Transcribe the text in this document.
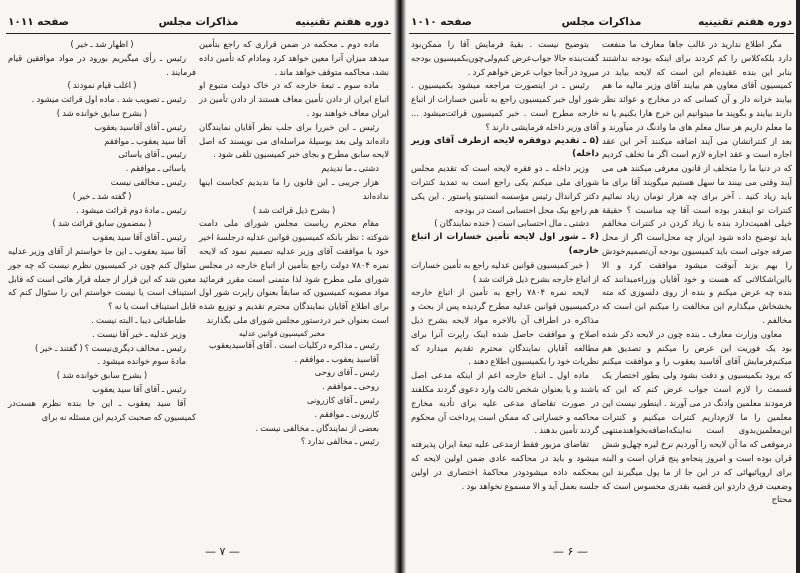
دوره هفتم تقنینیه
مذاکرات مجلس
صفحه ۱۰۱۱

ماده دوم ـ محکمه در ضمن قراری که راجع بتأمین میدهد میزان آنرا معین خواهد کرد ومادام که تأمین داده نشد، محاکمه متوقف خواهد ماند .

ماده سوم ـ تبعهٔ خارجه که در خاک دولت متبوع او اتباع ایران از دادن تأمین معاف هستند از دادن تأمین در ایران معاف خواهند بود .

رئیس ـ این خبررا برای جلب نظر آقایان نمایندگان داده‌اند ولی بعد بوسیلهٔ مراسله‌ای می نویسند که اصل لایحه سابق مطرح و بجای خبر کمیسیون تلقی شود .

دشتی ـ ما ندیدیم

هزار جریبی ـ این قانون را ما ندیدیم کجاست اینها نداده‌اند

( بشرح ذیل قرائت شد )

مقام محترم ریاست مجلس شورای ملی دامت شوکته : نظر بانکه کمیسیون قوانین عدلیه درجلسهٔ اخیر خود با موافقت آقای وزیر عدلیه تصمیم نمود که لایحه نمره ۷۸۰۴ دولت راجع بتأمین از اتباع خارجه در مجلس شورای ملی مطرح شود لذا متمنی است مقرر فرمائید مواد مصوبه کمیسیون که سابقاً بعنوان راپرت شور اول برای اطلاع آقایان نمایندگان محترم تقدیم و توزیع شده است بعنوان خبر دردستور مجلس شورای ملی بگذارند

مخبر کمیسیون قوانین عدلیه

رئیس ـ مذاکره درکلیات است . آقای آقاسیدیعقوب

آقاسید یعقوب ـ موافقم .

رئیس ـ آقای روحی

روحی ـ موافقم .

رئیس ـ آقای کازرونی

کازرونی ـ موافقم .

بعضی از نمایندگان ـ مخالفی نیست .

رئیس ـ مخالفی ندارد ؟

( اظهار شد ـ خیر )

رئیس ـ رأی میگیریم بورود در مواد موافقین قیام فرمایند .

( اغلب قیام نمودند )

رئیس ـ تصویب شد . ماده اول قرائت میشود .

( بشرح سابق خوانده شد )

رئیس ـ آقای آقاسید یعقوب

آقا سید یعقوب ـ موافقم

رئیس ـ آقای یاسائی

یاسائی ـ موافقم .

رئیس ـ مخالفی نیست

( گفته شد ـ خیر )

رئیس ـ مادهٔ دوم قرائت میشود .

( بمضمون سابق قرائت شد )

رئیس ـ آقای آقا سید یعقوب

آقا سید یعقوب ـ این جا خواستم از آقای وزیر عدلیه سئوال کنم چون در کمیسیون نظرم نیست که چه جور معین شد که این قرار از جمله قرار هائی است که قابل استیناف است یا نیست خواستم این را سئوال کنم که قابل استیناف است یا نه ؟

طباطبائی دیبا ـ البته نیست .

وزیر عدلیه ـ خیر آقا نیست .

رئیس ـ مخالف دیگری‌نیست ؟ ( گفتند ـ خیر )

مادهٔ سوم خوانده میشود .

( بشرح سابق خوانده شد )

رئیس ـ آقای آقا سید یعقوب

آقا سید یعقوب ـ این جا بنده نظرم هست‌در کمیسیون که صحبت کردیم این مسئله نه برای

— ۷ —
دوره هفتم تقنینیه
مذاکرات مجلس
صفحه ۱۰۱۰

مگر اطلاع ندارید در غالب جاها معارف ما منفعت دارد بلکه‌کلاس را کم کردند برای اینکه بودجه نداشتند بنابر این بنده عقیده‌ام این است که لایحه بیاید در کمیسیون آقای معاون هم بیایند آقای وزیر مالیه ما هم بیایند خزانه دار و آن کسانی که در مخارج و عوائد نظر دارند بیایند و بگویند ما میتوانیم این خرج هارا بکنیم یا نه ما معلم داریم هر سال معلم های ما وادنگ در میآورند و بعد از کنتراتشان می آیند اضافه میکنند آخر این عقد اجاره است و عقد اجاره لازم است اگر ما تخلف کردیم که در دنیا ما را متخلف از قانون معرفی میکنند هی می آیند وقتی می بینند ما سهل هستیم میگویند آقا برای ما باید زیاد کنید . آخر برای چه هزار تومان زیاد نمائیم کنترات تو اینقدر بوده است آقا چه مناسبت ؟ حقیقة خیلی اهمیت‌دارد بنده با زیاد کردن در کنترات مخالفم باید توضیح داده شود این‌از چه محل‌است اگر از محل صرفه جوئی است باید کمیسیون بودجه آن‌تصمیم‌خودش را بهم بزند آنوقت میشود موافقت کرد و الا بااین‌اشکالاتی که هست و خود آقایان وزراء‌میدانند که بنده چه عرض میکنم و بنده از روی دلسوزی که مته بخشخاش میگذارم این مخالفت را میکنم این است که مخالفم .

معاون وزارت معارف ـ بنده چون در لایحه ذکر شده بود یک فوریت این عرض را میکنم و تصدیق هم میکنم‌فرمایش آقای آقاسید یعقوب را و موافقت میکنم که برود بکمیسیون و دقت بشود ولی بطور اختصار یک قسمت را لازم است جواب عرض کنم که این که فرمودند معلمین وادنگ در می آورند . اینطور نیست این معلمین را ما لازم‌داریم کنترات میکنیم و کنترات این‌معلمین‌بدوی است نه‌اینکه‌اضافه‌بخواهند‌منتهی درموقعی که ما آن لایحه را آوردیم نرخ لیره چهل‌و شش قران بوده است و امروز پنجاه‌و پنج قران است و البته برای اروپائیهائی که در این جا از ما پول میگیرند این وضعیت فرق داردو این قضیه بقدری محسوس است که محتاج

بتوضیح نیست . بقیهٔ فرمایش آقا را ممکن‌بود گفت‌بنده حالا جواب‌عرض کنم‌ولی‌چون‌بکمیسیون بودجه میرود در آنجا جواب عرض خواهم کرد .

رئیس ـ در اینصورت مراجعه میشود بکمیسیون . شور اول خبر کمیسیون راجع به تأمین خسارات از اتباع خارجه مطرح است . خبر کمیسیون قرائت‌میشود ... آقای وزیر داخله فرمایشی دارند ؟

(۵ ـ تقدیم دوفقره لایحه ازطرف آقای وزیر داخله)

وزیر داخله ـ دو فقره لایحه است که تقدیم مجلس شورای ملی میکنم یکی راجع است به تمدید کنترات دکتر کراندال رئیس مؤسسه انستیتو پاستور . این یکی هم راجع بیک محل احتسابی است در بودجه

دشتی ـ مال احتسابی است ( خنده نمایندگان )

(۶ ـ شور اول لایحه تأمین خسارات از اتباع خارجه)

( خبر کمیسیون قوانین عدلیه راجع به تأمین خسارات از اتباع خارجه بشرح ذیل قرائت شد )

لایحه نمره ۷۸۰۴ راجع به تأمین از اتباع خارجه درکمیسیون قوانین عدلیه مطرح گردیده پس از بحث و مذاکره در اطراف آن بالاخره مواد لایحه بشرح ذیل اصلاح و موافقت حاصل شده اینک راپرت آنرا برای مطالعه آقایان نمایندگان محترم تقدیم میدارد که نظریات خود را بکمیسیون اطلاع دهند .

ماده اول ـ اتباع خارجه اعم از اینکه مدعی اصل باشند و یا بعنوان شخص ثالث وارد دعوی گردند مکلفند در صورت تقاضای مدعی علیه برای تأدیه مخارج محاکمه و خساراتی که ممکن است پرداخت آن محکوم گردند تأمین بدهند .

تقاضای مزبور فقط ازمدعی علیه تبعهٔ ایران پذیرفته میشود و باید در محاکمه عادی ضمن اولین لایحه که بمحکمه داده میشود‌ودر محاکمهٔ اختصاری در اولین جلسه بعمل آید و الا مسموع نخواهد بود .

— ۶ —
